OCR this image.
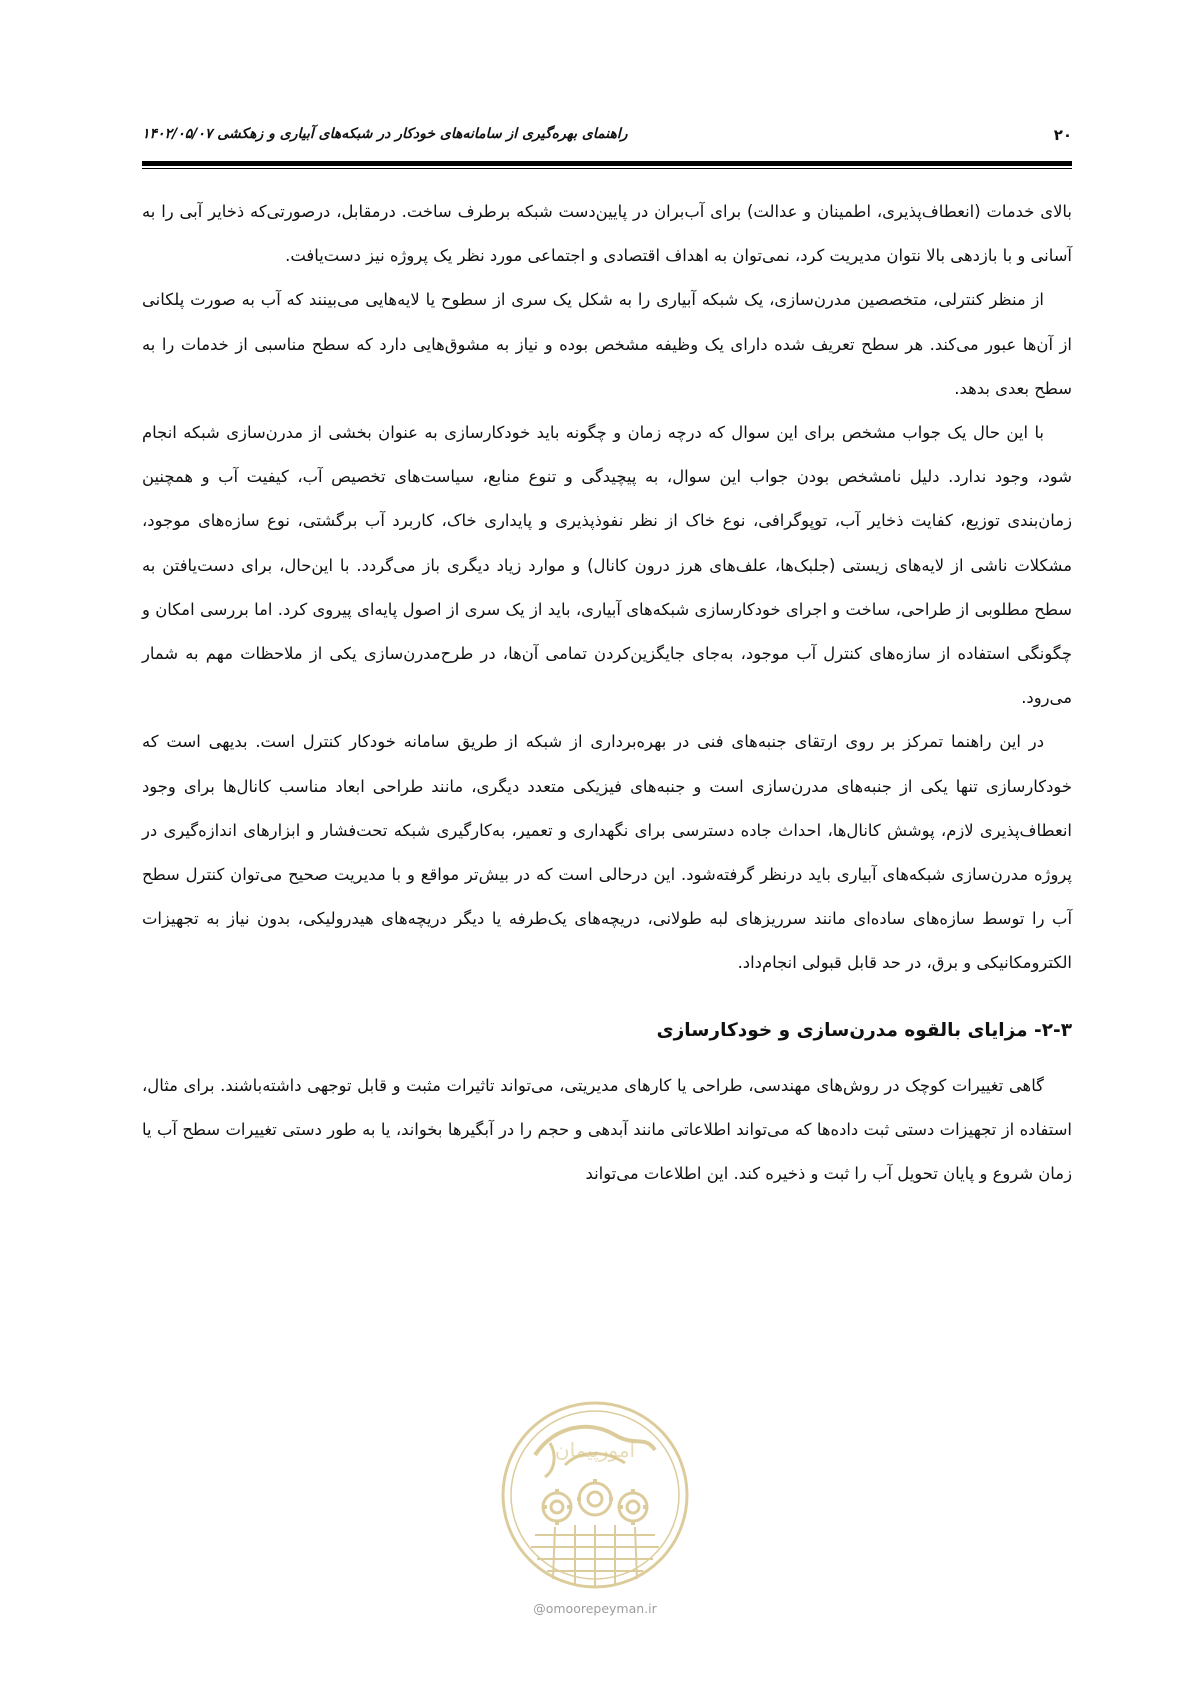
راهنمای بهره‌گیری از سامانه‌های خودکار در شبکه‌های آبیاری و زهکشی ۱۴۰۲/۰۵/۰۷	۲۰

بالای خدمات (انعطاف‌پذیری، اطمینان و عدالت) برای آب‌بران در پایین‌دست شبکه برطرف ساخت. درمقابل، درصورتی‌که ذخایر آبی را به آسانی و با بازدهی بالا نتوان مدیریت کرد، نمی‌توان به اهداف اقتصادی و اجتماعی مورد نظر یک پروژه نیز دست‌یافت.

از منظر کنترلی، متخصصین مدرن‌سازی، یک شبکه آبیاری را به شکل یک سری از سطوح یا لایه‌هایی می‌بینند که آب به صورت پلکانی از آن‌ها عبور می‌کند. هر سطح تعریف شده دارای یک وظیفه مشخص بوده و نیاز به مشوق‌هایی دارد که سطح مناسبی از خدمات را به سطح بعدی بدهد.

با این حال یک جواب مشخص برای این سوال که درچه زمان و چگونه باید خودکارسازی به عنوان بخشی از مدرن‌سازی شبکه انجام شود، وجود ندارد. دلیل نامشخص بودن جواب این سوال، به پیچیدگی و تنوع منابع، سیاست‌های تخصیص آب، کیفیت آب و همچنین زمان‌بندی توزیع، کفایت ذخایر آب، توپوگرافی، نوع خاک از نظر نفوذپذیری و پایداری خاک، کاربرد آب برگشتی، نوع سازه‌های موجود، مشکلات ناشی از لایه‌های زیستی (جلبک‌ها، علف‌های هرز درون کانال) و موارد زیاد دیگری باز می‌گردد. با این‌حال، برای دست‌یافتن به سطح مطلوبی از طراحی، ساخت و اجرای خودکارسازی شبکه‌های آبیاری، باید از یک سری از اصول پایه‌ای پیروی کرد. اما بررسی امکان و چگونگی استفاده از سازه‌های کنترل آب موجود، به‌جای جایگزین‌کردن تمامی آن‌ها، در طرح‌مدرن‌سازی یکی از ملاحظات مهم به شمار می‌رود.

در این راهنما تمرکز بر روی ارتقای جنبه‌های فنی در بهره‌برداری از شبکه از طریق سامانه خودکار کنترل است. بدیهی است که خودکارسازی تنها یکی از جنبه‌های مدرن‌سازی است و جنبه‌های فیزیکی متعدد دیگری، مانند طراحی ابعاد مناسب کانال‌ها برای وجود انعطاف‌پذیری لازم، پوشش کانال‌ها، احداث جاده دسترسی برای نگهداری و تعمیر، به‌کارگیری شبکه تحت‌فشار و ابزارهای اندازه‌گیری در پروژه مدرن‌سازی شبکه‌های آبیاری باید درنظر گرفته‌شود. این درحالی است که در بیش‌تر مواقع و با مدیریت صحیح می‌توان کنترل سطح آب را توسط سازه‌های ساده‌ای مانند سرریزهای لبه طولانی، دریچه‌های یک‌طرفه یا دیگر دریچه‌های هیدرولیکی، بدون نیاز به تجهیزات الکترومکانیکی و برق، در حد قابل قبولی انجام‌داد.

۲-۳- مزایای بالقوه مدرن‌سازی و خودکارسازی

گاهی تغییرات کوچک در روش‌های مهندسی، طراحی یا کارهای مدیریتی، می‌تواند تاثیرات مثبت و قابل توجهی داشته‌باشند. برای مثال، استفاده از تجهیزات دستی ثبت داده‌ها که می‌تواند اطلاعاتی مانند آبدهی و حجم را در آبگیرها بخواند، یا به طور دستی تغییرات سطح آب یا زمان شروع و پایان تحویل آب را ثبت و ذخیره کند. این اطلاعات می‌تواند

امورپیمان
@omoorepeyman.ir
